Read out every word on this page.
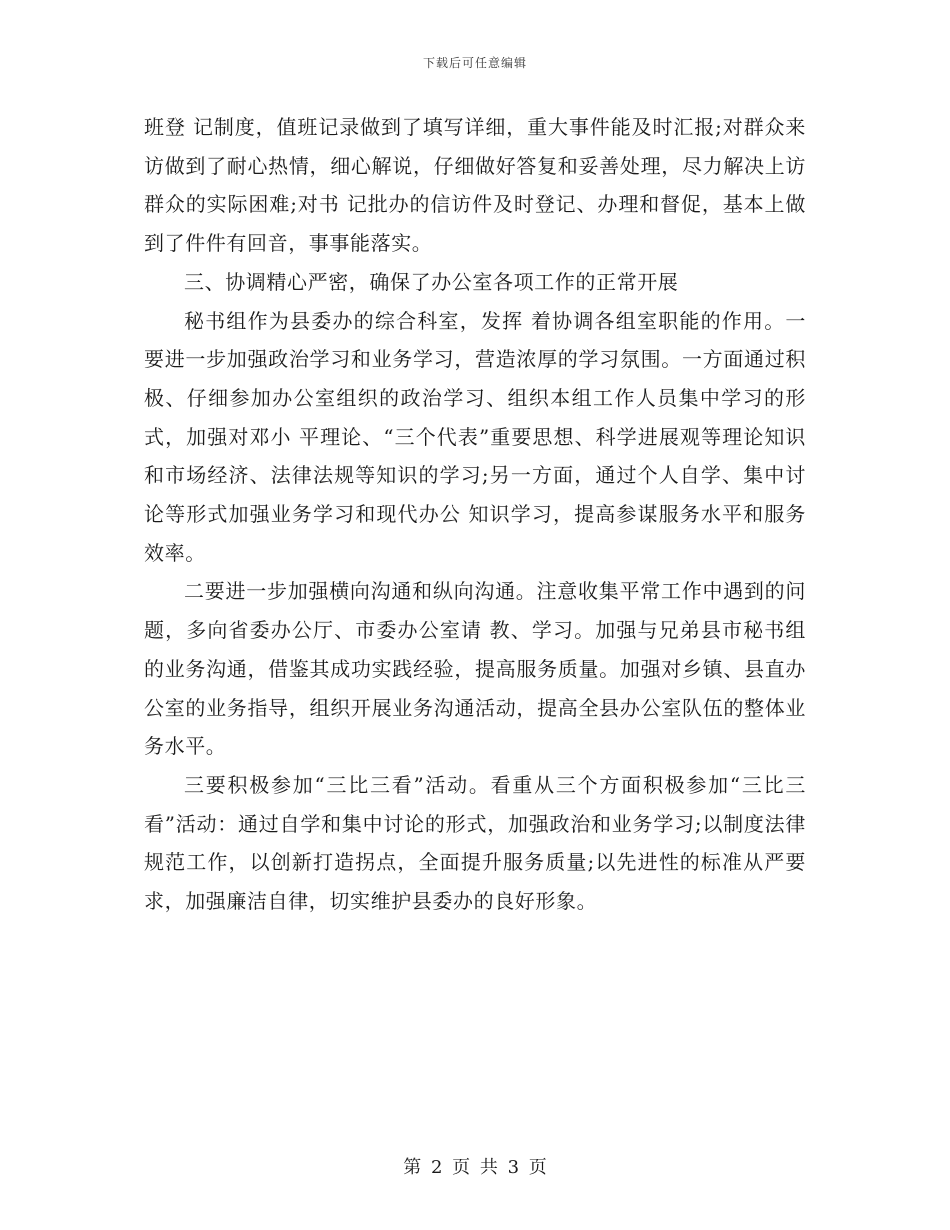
下载后可任意编辑

班登 记制度，值班记录做到了填写详细，重大事件能及时汇报;对群众来访做到了耐心热情，细心解说，仔细做好答复和妥善处理，尽力解决上访群众的实际困难;对书 记批办的信访件及时登记、办理和督促，基本上做到了件件有回音，事事能落实。

三、协调精心严密，确保了办公室各项工作的正常开展

秘书组作为县委办的综合科室，发挥 着协调各组室职能的作用。一要进一步加强政治学习和业务学习，营造浓厚的学习氛围。一方面通过积极、仔细参加办公室组织的政治学习、组织本组工作人员集中学习的形式，加强对邓小 平理论、“三个代表”重要思想、科学进展观等理论知识和市场经济、法律法规等知识的学习;另一方面，通过个人自学、集中讨论等形式加强业务学习和现代办公 知识学习，提高参谋服务水平和服务效率。

二要进一步加强横向沟通和纵向沟通。注意收集平常工作中遇到的问题，多向省委办公厅、市委办公室请 教、学习。加强与兄弟县市秘书组的业务沟通，借鉴其成功实践经验，提高服务质量。加强对乡镇、县直办公室的业务指导，组织开展业务沟通活动，提高全县办公室队伍的整体业务水平。

三要积极参加“三比三看”活动。看重从三个方面积极参加“三比三看”活动：通过自学和集中讨论的形式，加强政治和业务学习;以制度法律规范工作，以创新打造拐点，全面提升服务质量;以先进性的标准从严要求，加强廉洁自律，切实维护县委办的良好形象。

第 2 页 共 3 页
